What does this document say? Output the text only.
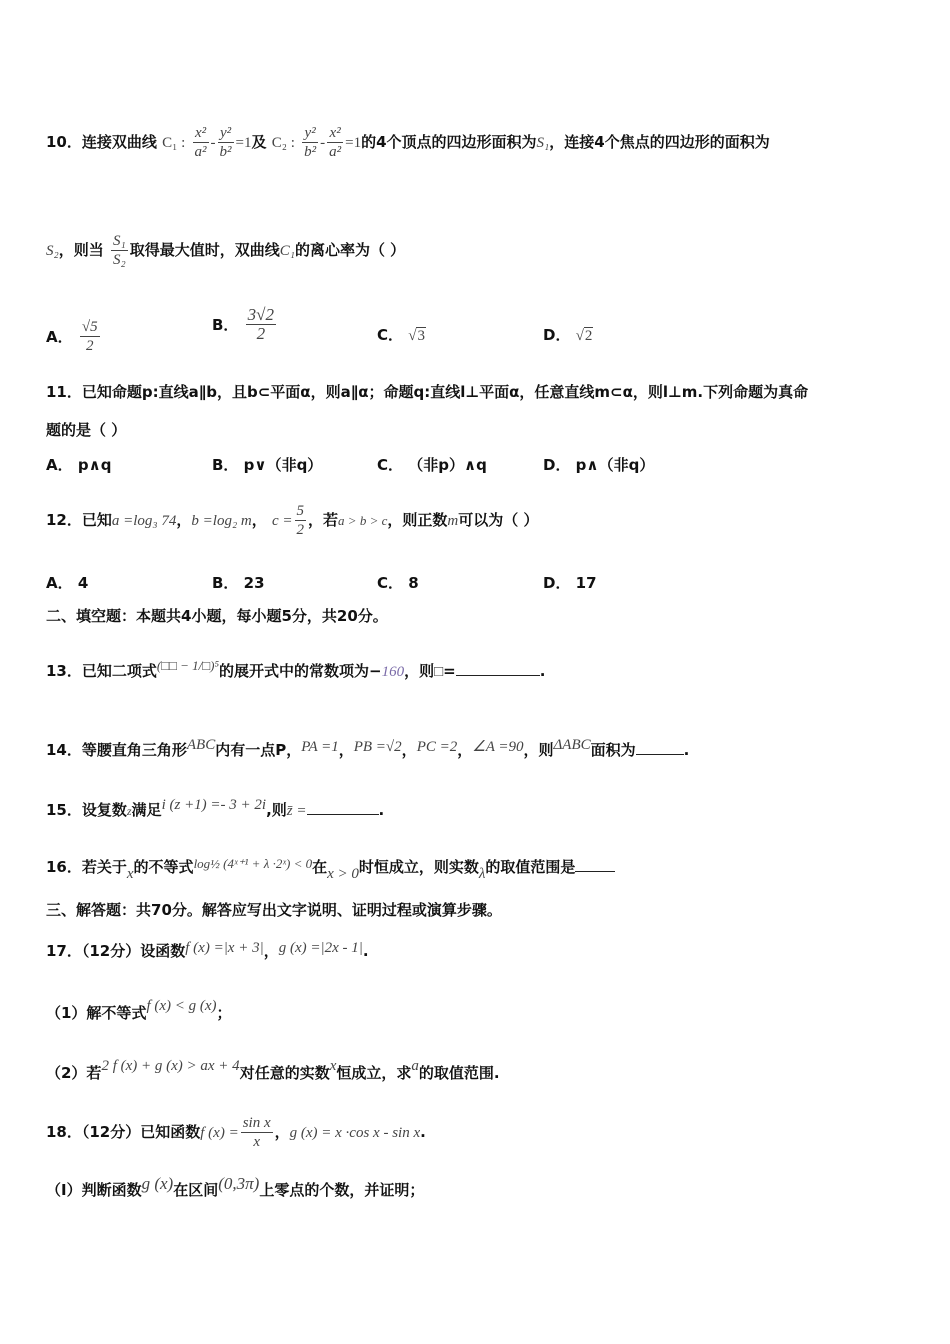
10．连接双曲线 C₁ : $\frac{\text{x²}}{\text{a²}} - \frac{\text{y²}}{\text{b²}} =1$及 C₂ : $\frac{\text{y²}}{\text{b²}} - \frac{\text{x²}}{\text{a²}} =1$的4个顶点的四边形面积为S₁，连接4个焦点的四边形的面积为
S₂，则当 $\frac{\text{S₁}}{\text{S₂}}$ 取得最大值时，双曲线C₁的离心率为（ ）
A． $\frac{√5}{2}$	B． $\frac{3√2}{2}$	C． √3	D． √2
11．已知命题p:直线a∥b，且b⊂平面α，则a∥α；命题q:直线l⊥平面α，任意直线m⊂α，则l⊥m.下列命题为真命
题的是（ ）
A． p∧q	B． p∨（非q）	C． （非p）∧q	D． p∧（非q）
12．已知a =log₃ 74，b =log₂ m， $c = \frac{5}{2}$ ，若a > b > c，则正数m可以为（ ）
A． 4	B． 23	C． 8	D． 17
二、填空题：本题共4小题，每小题5分，共20分。
13．已知二项式(□□ − 1/□)⁵的展开式中的常数项为−160，则□=	.
14．等腰直角三角形ABC内有一点P，PA =1，PB =√2，PC =2，∠A =90，则ΔABC面积为	.
15．设复数z满足i (z +1) =- 3 + 2i,则z̄ =	.
16．若关于x的不等式log½ (4ˣ⁺¹ + λ ·2ˣ) < 0在x > 0时恒成立，则实数λ的取值范围是
三、解答题：共70分。解答应写出文字说明、证明过程或演算步骤。
17．（12分）设函数f (x) =|x + 3|，g (x) =|2x - 1|.
（1）解不等式f (x) < g (x)；
（2）若2 f (x) + g (x) > ax + 4对任意的实数x恒成立，求a的取值范围.
18．（12分）已知函数f $(x) = \frac{\text{sin x}}{x}$ ，g (x) = x ·cos x - sin x.
（Ⅰ）判断函数g (x)在区间(0,3π)上零点的个数，并证明；
